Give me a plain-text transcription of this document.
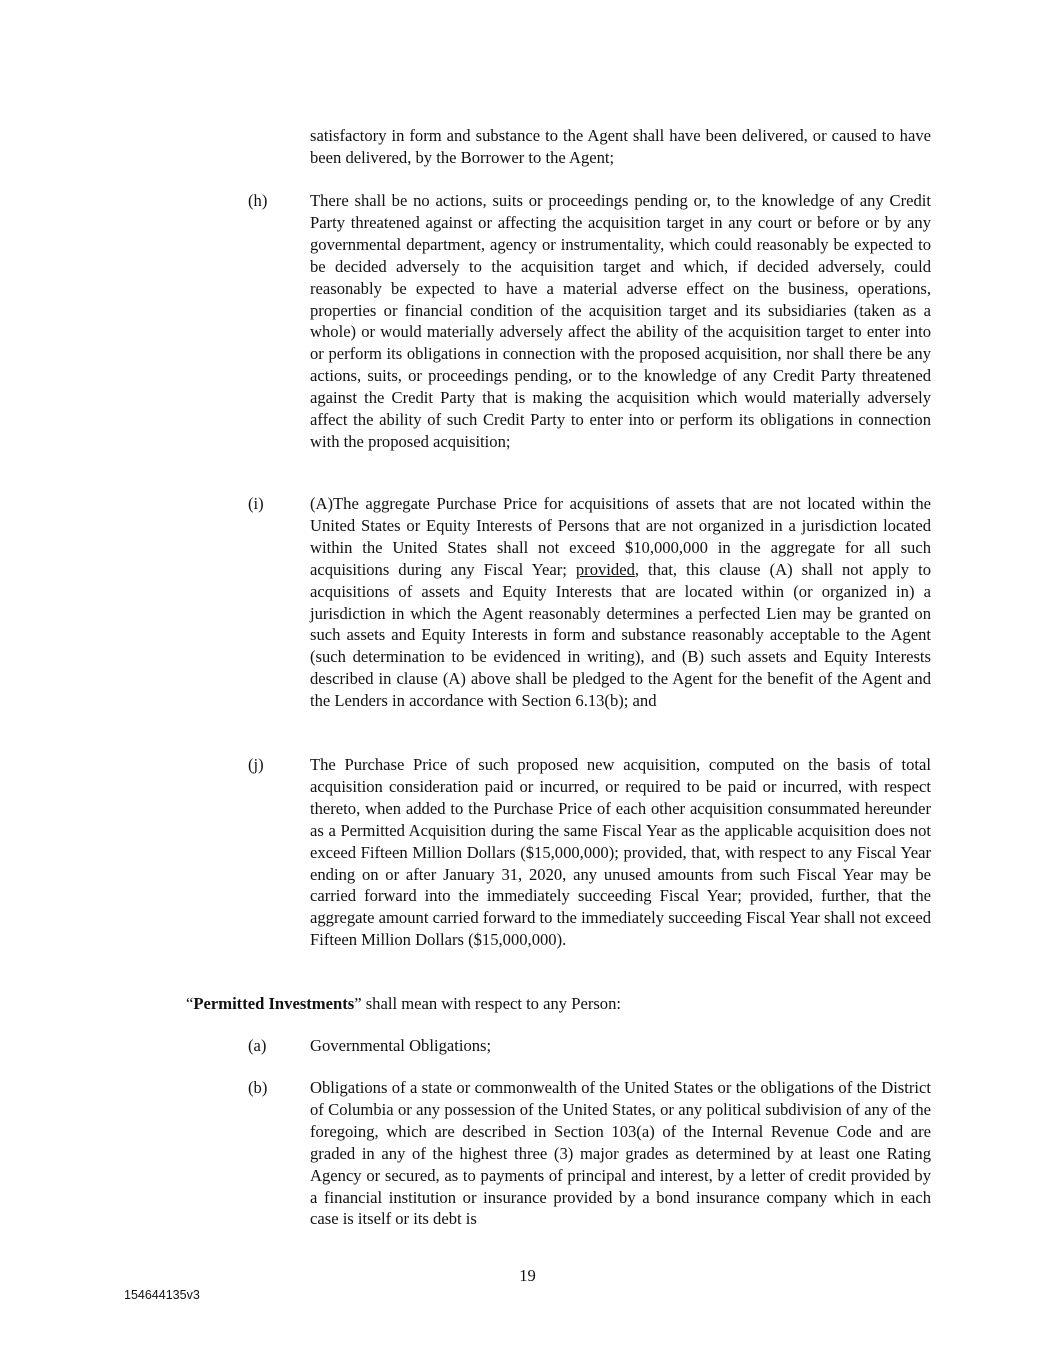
satisfactory in form and substance to the Agent shall have been delivered, or caused to have been delivered, by the Borrower to the Agent;

(h)	There shall be no actions, suits or proceedings pending or, to the knowledge of any Credit Party threatened against or affecting the acquisition target in any court or before or by any governmental department, agency or instrumentality, which could reasonably be expected to be decided adversely to the acquisition target and which, if decided adversely, could reasonably be expected to have a material adverse effect on the business, operations, properties or financial condition of the acquisition target and its subsidiaries (taken as a whole) or would materially adversely affect the ability of the acquisition target to enter into or perform its obligations in connection with the proposed acquisition, nor shall there be any actions, suits, or proceedings pending, or to the knowledge of any Credit Party threatened against the Credit Party that is making the acquisition which would materially adversely affect the ability of such Credit Party to enter into or perform its obligations in connection with the proposed acquisition;

(i)	(A)The aggregate Purchase Price for acquisitions of assets that are not located within the United States or Equity Interests of Persons that are not organized in a jurisdiction located within the United States shall not exceed $10,000,000 in the aggregate for all such acquisitions during any Fiscal Year; provided, that, this clause (A) shall not apply to acquisitions of assets and Equity Interests that are located within (or organized in) a jurisdiction in which the Agent reasonably determines a perfected Lien may be granted on such assets and Equity Interests in form and substance reasonably acceptable to the Agent (such determination to be evidenced in writing), and (B) such assets and Equity Interests described in clause (A) above shall be pledged to the Agent for the benefit of the Agent and the Lenders in accordance with Section 6.13(b); and

(j)	The Purchase Price of such proposed new acquisition, computed on the basis of total acquisition consideration paid or incurred, or required to be paid or incurred, with respect thereto, when added to the Purchase Price of each other acquisition consummated hereunder as a Permitted Acquisition during the same Fiscal Year as the applicable acquisition does not exceed Fifteen Million Dollars ($15,000,000); provided, that, with respect to any Fiscal Year ending on or after January 31, 2020, any unused amounts from such Fiscal Year may be carried forward into the immediately succeeding Fiscal Year; provided, further, that the aggregate amount carried forward to the immediately succeeding Fiscal Year shall not exceed Fifteen Million Dollars ($15,000,000).

“Permitted Investments” shall mean with respect to any Person:

(a)	Governmental Obligations;

(b)	Obligations of a state or commonwealth of the United States or the obligations of the District of Columbia or any possession of the United States, or any political subdivision of any of the foregoing, which are described in Section 103(a) of the Internal Revenue Code and are graded in any of the highest three (3) major grades as determined by at least one Rating Agency or secured, as to payments of principal and interest, by a letter of credit provided by a financial institution or insurance provided by a bond insurance company which in each case is itself or its debt is

19
154644135v3
